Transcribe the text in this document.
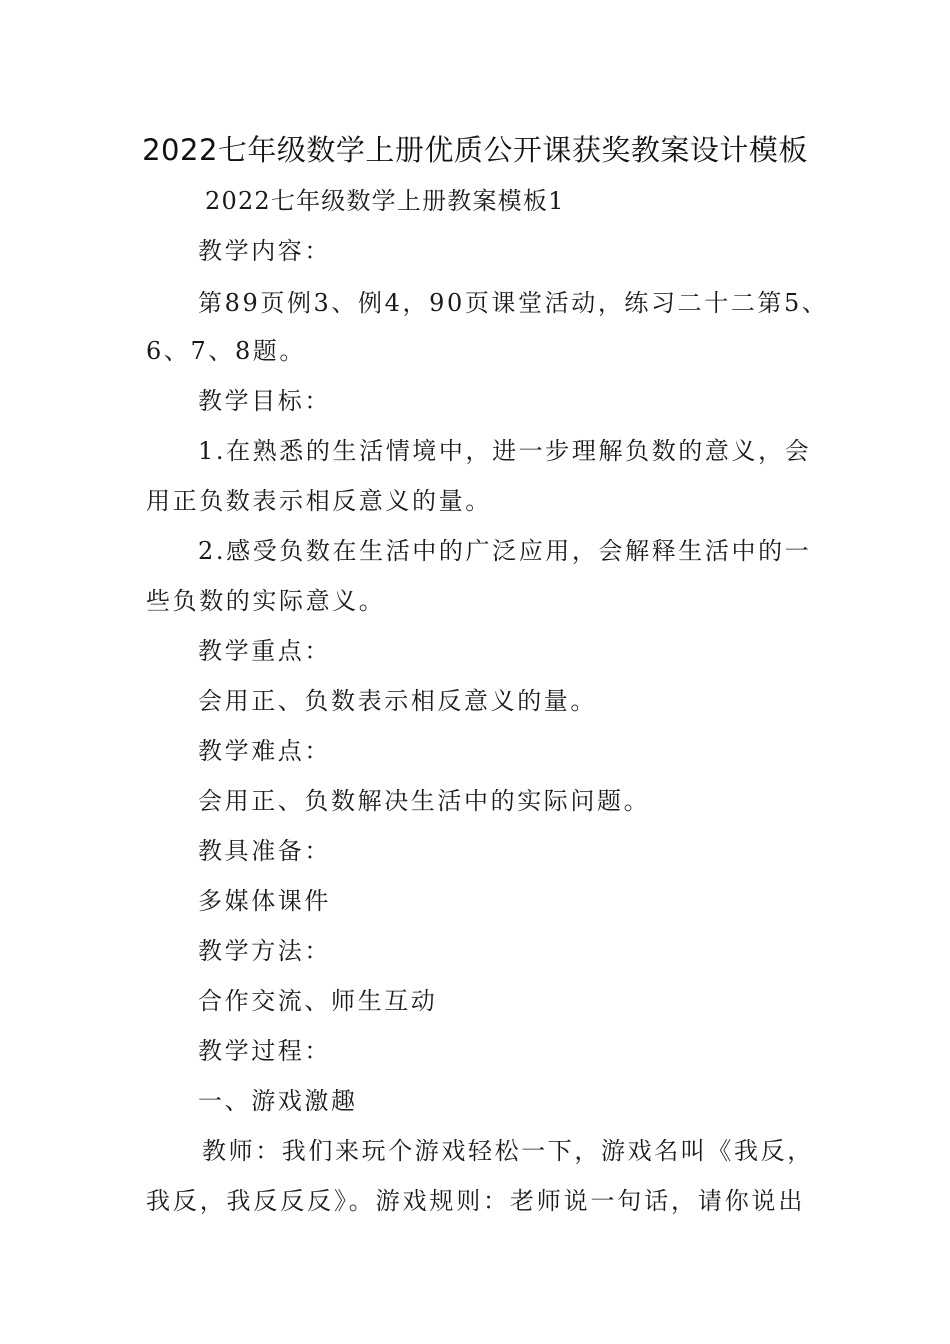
2022七年级数学上册优质公开课获奖教案设计模板
2022七年级数学上册教案模板1
教学内容：
第89页例3、例4，90页课堂活动，练习二十二第5、
6、7、8题。
教学目标：
1.在熟悉的生活情境中，进一步理解负数的意义，会
用正负数表示相反意义的量。
2.感受负数在生活中的广泛应用，会解释生活中的一
些负数的实际意义。
教学重点：
会用正、负数表示相反意义的量。
教学难点：
会用正、负数解决生活中的实际问题。
教具准备：
多媒体课件
教学方法：
合作交流、师生互动
教学过程：
一、游戏激趣
教师：我们来玩个游戏轻松一下，游戏名叫《我反，
我反，我反反反》。游戏规则：老师说一句话，请你说出
